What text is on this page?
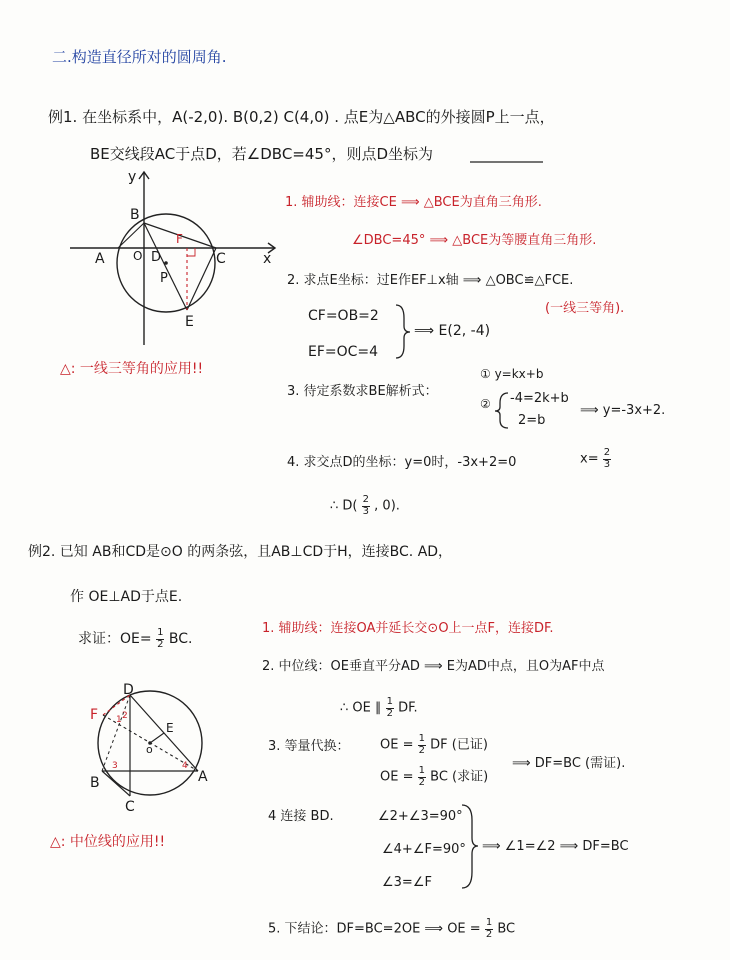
二.构造直径所对的圆周角.
例1. 在坐标系中，A(-2,0). B(0,2) C(4,0) . 点E为△ABC的外接圆P上一点，
BE交线段AC于点D，若∠DBC=45°，则点D坐标为
y
x
B
A O D
F
C
P
E
△: 一线三等角的应用!!
1. 辅助线：连接CE ⟹ △BCE为直角三角形.
∠DBC=45° ⟹ △BCE为等腰直角三角形.
2. 求点E坐标：过E作EF⊥x轴 ⟹ △OBC≌△FCE.
(一线三等角).
CF=OB=2
EF=OC=4
⟹ E(2, -4)
① y=kx+b
3. 待定系数求BE解析式：
② -4=2k+b
2=b
⟹ y=-3x+2.
4. 求交点D的坐标：y=0时，-3x+2=0	$x= \frac{2}{3}$
∴ $D( \frac{2}{3}$ , 0).
例2. 已知 AB和CD是⊙O 的两条弦，且AB⊥CD于H，连接BC. AD，
作 OE⊥AD于点E.
求证：$OE= \frac{1}{2}$ BC.
D
F
E
o
B	A
C
1 2
3	4
△: 中位线的应用!!
1. 辅助线：连接OA并延长交⊙O上一点F，连接DF.
2. 中位线：OE垂直平分AD ⟹ E为AD中点，且O为AF中点
∴ OE ∥ $\frac{1}{2}$ DF.
3. 等量代换： OE = $\frac{1}{2}$ DF (已证)
OE = $\frac{1}{2}$ BC (求证)
⟹ DF=BC (需证).
4 连接 BD.	∠2+∠3=90°
∠4+∠F=90°
∠3=∠F
⟹ ∠1=∠2 ⟹ DF=BC
5. 下结论：DF=BC=2OE ⟹ OE = $\frac{1}{2}$ BC
